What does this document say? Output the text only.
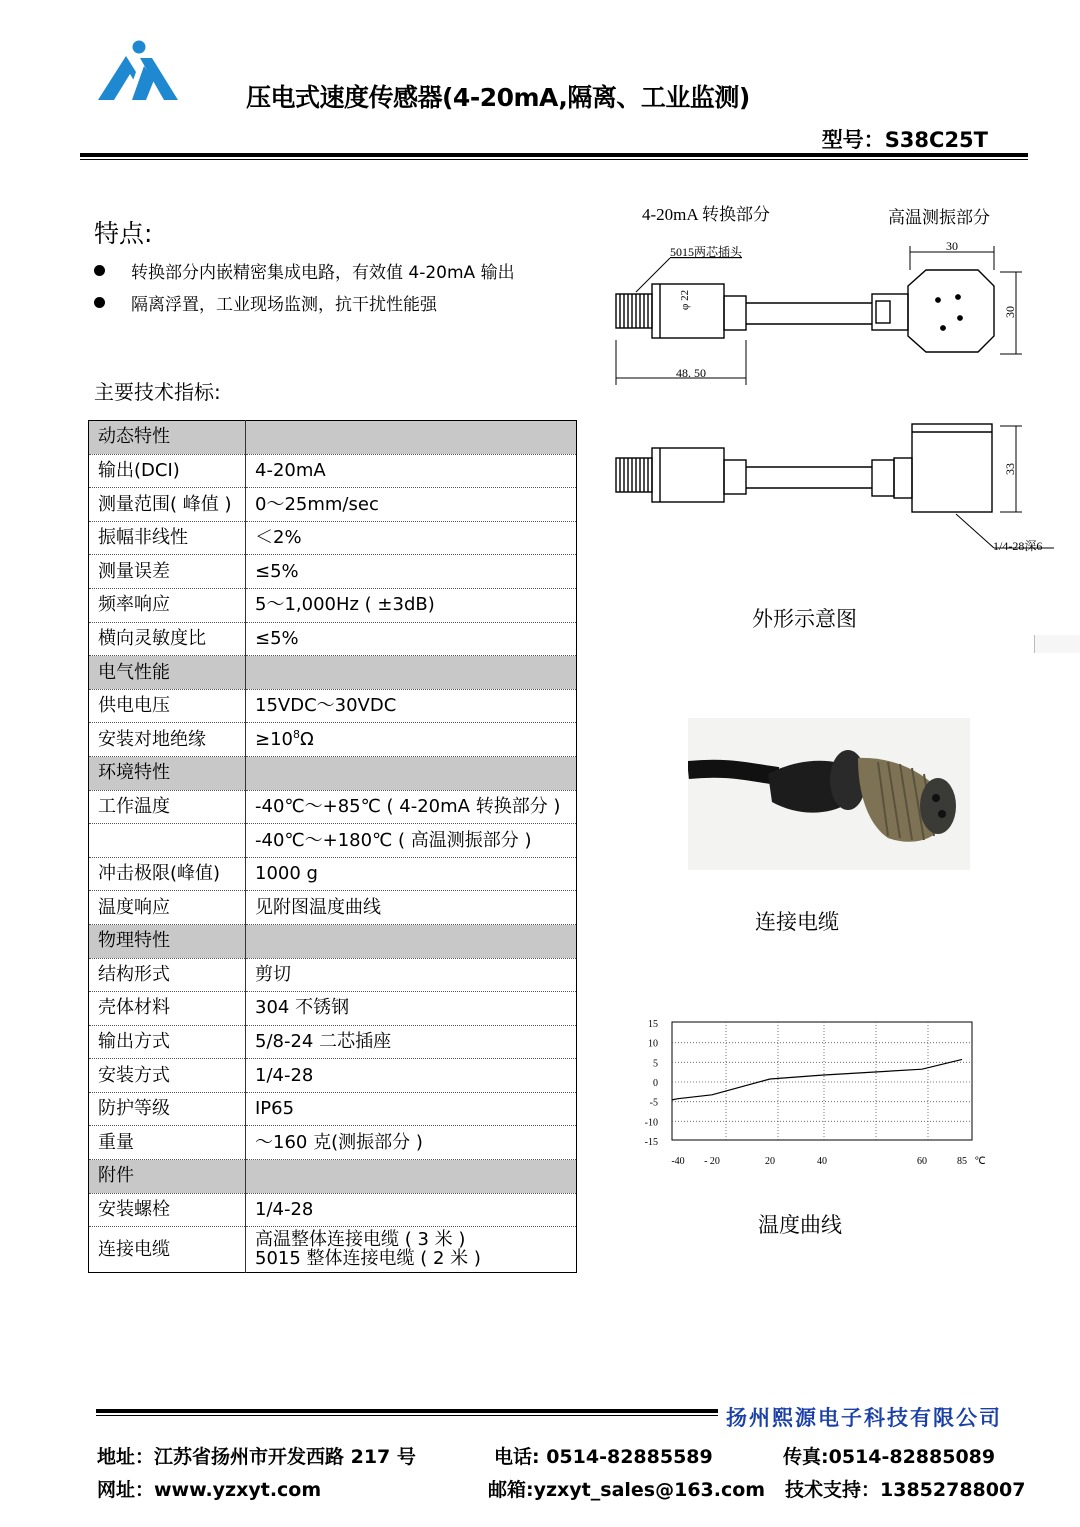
压电式速度传感器(4-20mA,隔离、工业监测)
型号：S38C25T
特点:
转换部分内嵌精密集成电路，有效值 4-20mA 输出
隔离浮置，工业现场监测，抗干扰性能强
主要技术指标:
动态特性	
输出(DCI)	4-20mA
测量范围( 峰值 )	0～25mm/sec
振幅非线性	＜2%
测量误差	≤5%
频率响应	5～1,000Hz ( ±3dB)
横向灵敏度比	≤5%
电气性能	
供电电压	15VDC～30VDC
安装对地绝缘	$\ge 10^8\Omega$
环境特性	
工作温度	-40℃～+85℃ ( 4-20mA 转换部分 )
	-40℃～+180℃ ( 高温测振部分 )
冲击极限(峰值)	1000 g
温度响应	见附图温度曲线
物理特性	
结构形式	剪切
壳体材料	304 不锈钢
输出方式	5/8-24 二芯插座
安装方式	1/4-28
防护等级	IP65
重量	～160 克(测振部分 )
附件	
安装螺栓	1/4-28
连接电缆	高温整体连接电缆 ( 3 米 )
5015 整体连接电缆 ( 2 米 )
4-20mA 转换部分	高温测振部分
5015两芯插头
φ 22
48. 50
30
30
33
1/4-28深6
外形示意图
连接电缆
15
10
5
0
-5
-10
-15
-40 - 20	20	40	60	85 ℃
温度曲线
扬州熙源电子科技有限公司
地址：江苏省扬州市开发西路 217 号	电话: 0514-82885589	传真:0514-82885089
网址：www.yzxyt.com	邮箱:yzxyt_sales@163.com 技术支持：13852788007
